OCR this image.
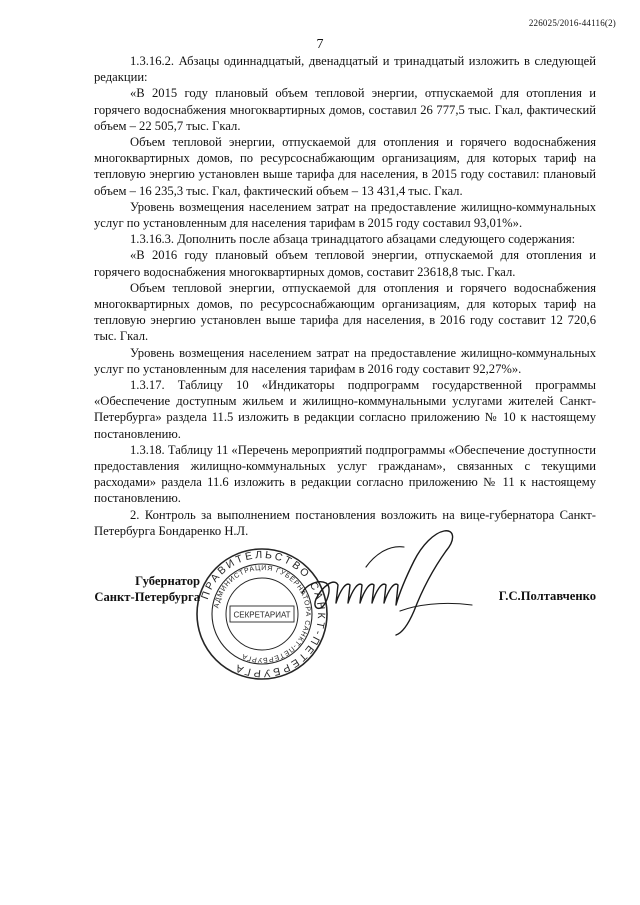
226025/2016-44116(2)
7

1.3.16.2. Абзацы одиннадцатый, двенадцатый и тринадцатый изложить в следующей редакции:

«В 2015 году плановый объем тепловой энергии, отпускаемой для отопления и горячего водоснабжения многоквартирных домов, составил 26 777,5 тыс. Гкал, фактический объем – 22 505,7 тыс. Гкал.

Объем тепловой энергии, отпускаемой для отопления и горячего водоснабжения многоквартирных домов, по ресурсоснабжающим организациям, для которых тариф на тепловую энергию установлен выше тарифа для населения, в 2015 году составил: плановый объем – 16 235,3 тыс. Гкал, фактический объем – 13 431,4 тыс. Гкал.

Уровень возмещения населением затрат на предоставление жилищно-коммунальных услуг по установленным для населения тарифам в 2015 году составил 93,01%».

1.3.16.3. Дополнить после абзаца тринадцатого абзацами следующего содержания:

«В 2016 году плановый объем тепловой энергии, отпускаемой для отопления и горячего водоснабжения многоквартирных домов, составит 23618,8 тыс. Гкал.

Объем тепловой энергии, отпускаемой для отопления и горячего водоснабжения многоквартирных домов, по ресурсоснабжающим организациям, для которых тариф на тепловую энергию установлен выше тарифа для населения, в 2016 году составит 12 720,6 тыс. Гкал.

Уровень возмещения населением затрат на предоставление жилищно-коммунальных услуг по установленным для населения тарифам в 2016 году составит 92,27%».

1.3.17. Таблицу 10 «Индикаторы подпрограмм государственной программы «Обеспечение доступным жильем и жилищно-коммунальными услугами жителей Санкт-Петербурга» раздела 11.5 изложить в редакции согласно приложению № 10 к настоящему постановлению.

1.3.18. Таблицу 11 «Перечень мероприятий подпрограммы «Обеспечение доступности предоставления жилищно-коммунальных услуг гражданам», связанных с текущими расходами» раздела 11.6 изложить в редакции согласно приложению № 11 к настоящему постановлению.

2. Контроль за выполнением постановления возложить на вице-губернатора Санкт-Петербурга Бондаренко Н.Л.

ПРАВИТЕЛЬСТВО САНКТ-ПЕТЕРБУРГА
АДМИНИСТРАЦИЯ ГУБЕРНАТОРА САНКТ-ПЕТЕРБУРГА
СЕКРЕТАРИАТ
Губернатор
Санкт-Петербурга	Г.С.Полтавченко
